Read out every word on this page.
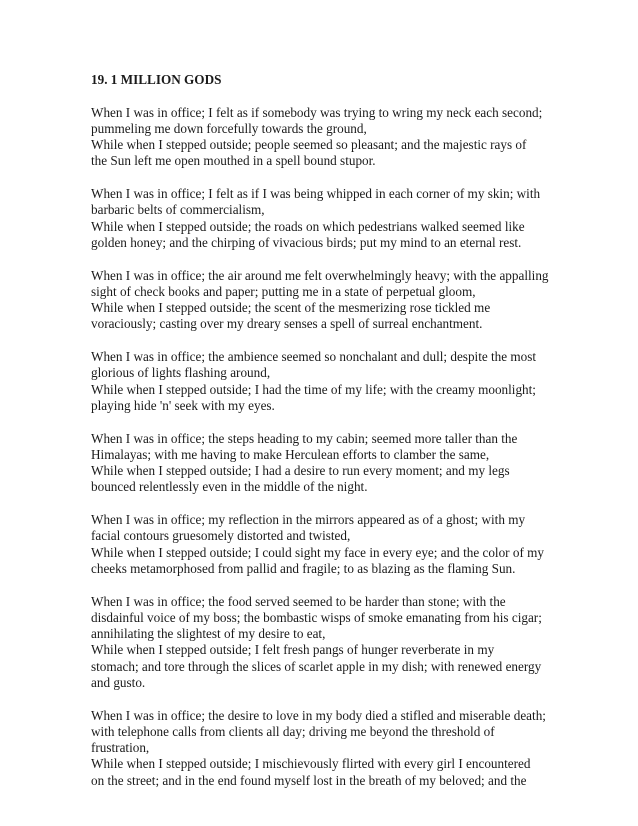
19. 1 MILLION GODS
When I was in office; I felt as if somebody was trying to wring my neck each second;
pummeling me down forcefully towards the ground,
While when I stepped outside; people seemed so pleasant; and the majestic rays of
the Sun left me open mouthed in a spell bound stupor.
When I was in office; I felt as if I was being whipped in each corner of my skin; with
barbaric belts of commercialism,
While when I stepped outside; the roads on which pedestrians walked seemed like
golden honey; and the chirping of vivacious birds; put my mind to an eternal rest.
When I was in office; the air around me felt overwhelmingly heavy; with the appalling
sight of check books and paper; putting me in a state of perpetual gloom,
While when I stepped outside; the scent of the mesmerizing rose tickled me
voraciously; casting over my dreary senses a spell of surreal enchantment.
When I was in office; the ambience seemed so nonchalant and dull; despite the most
glorious of lights flashing around,
While when I stepped outside; I had the time of my life; with the creamy moonlight;
playing hide 'n' seek with my eyes.
When I was in office; the steps heading to my cabin; seemed more taller than the
Himalayas; with me having to make Herculean efforts to clamber the same,
While when I stepped outside; I had a desire to run every moment; and my legs
bounced relentlessly even in the middle of the night.
When I was in office; my reflection in the mirrors appeared as of a ghost; with my
facial contours gruesomely distorted and twisted,
While when I stepped outside; I could sight my face in every eye; and the color of my
cheeks metamorphosed from pallid and fragile; to as blazing as the flaming Sun.
When I was in office; the food served seemed to be harder than stone; with the
disdainful voice of my boss; the bombastic wisps of smoke emanating from his cigar;
annihilating the slightest of my desire to eat,
While when I stepped outside; I felt fresh pangs of hunger reverberate in my
stomach; and tore through the slices of scarlet apple in my dish; with renewed energy
and gusto.
When I was in office; the desire to love in my body died a stifled and miserable death;
with telephone calls from clients all day; driving me beyond the threshold of
frustration,
While when I stepped outside; I mischievously flirted with every girl I encountered
on the street; and in the end found myself lost in the breath of my beloved; and the
